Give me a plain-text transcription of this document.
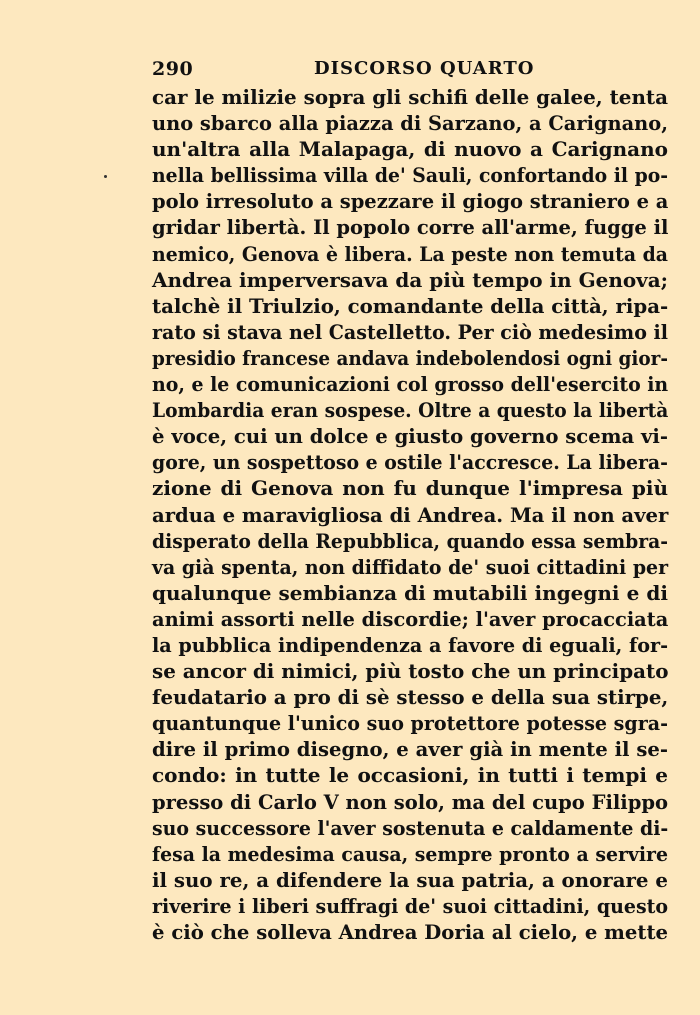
290	DISCORSO QUARTO
car le milizie sopra gli schifi delle galee, tenta
uno sbarco alla piazza di Sarzano, a Carignano,
un'altra alla Malapaga, di nuovo a Carignano
nella bellissima villa de' Sauli, confortando il po-
polo irresoluto a spezzare il giogo straniero e a
gridar libertà. Il popolo corre all'arme, fugge il
nemico, Genova è libera. La peste non temuta da
Andrea imperversava da più tempo in Genova;
talchè il Triulzio, comandante della città, ripa-
rato si stava nel Castelletto. Per ciò medesimo il
presidio francese andava indebolendosi ogni gior-
no, e le comunicazioni col grosso dell'esercito in
Lombardia eran sospese. Oltre a questo la libertà
è voce, cui un dolce e giusto governo scema vi-
gore, un sospettoso e ostile l'accresce. La libera-
zione di Genova non fu dunque l'impresa più
ardua e maravigliosa di Andrea. Ma il non aver
disperato della Repubblica, quando essa sembra-
va già spenta, non diffidato de' suoi cittadini per
qualunque sembianza di mutabili ingegni e di
animi assorti nelle discordie; l'aver procacciata
la pubblica indipendenza a favore di eguali, for-
se ancor di nimici, più tosto che un principato
feudatario a pro di sè stesso e della sua stirpe,
quantunque l'unico suo protettore potesse sgra-
dire il primo disegno, e aver già in mente il se-
condo: in tutte le occasioni, in tutti i tempi e
presso di Carlo V non solo, ma del cupo Filippo
suo successore l'aver sostenuta e caldamente di-
fesa la medesima causa, sempre pronto a servire
il suo re, a difendere la sua patria, a onorare e
riverire i liberi suffragi de' suoi cittadini, questo
è ciò che solleva Andrea Doria al cielo, e mette
